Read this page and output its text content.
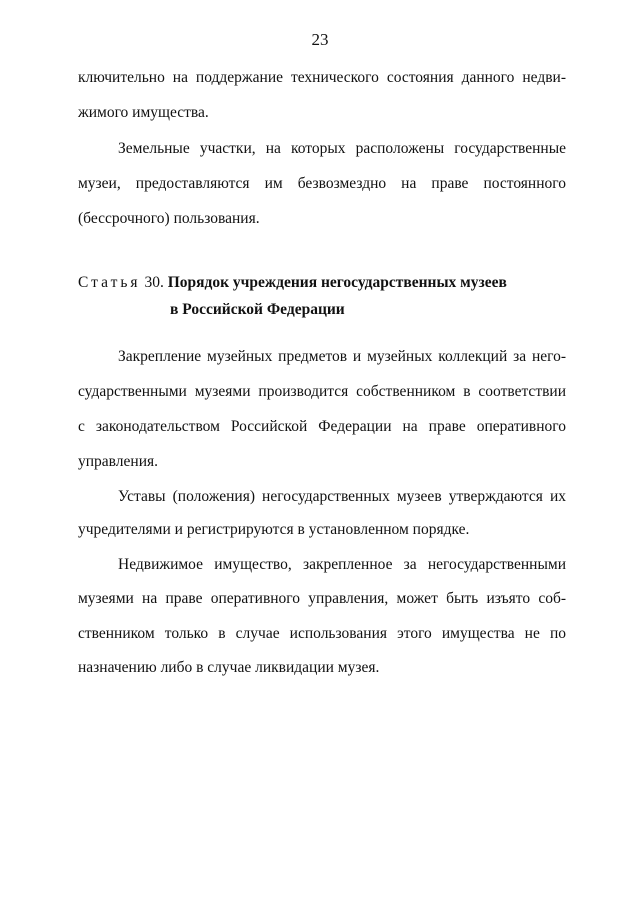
23
ключительно на поддержание технического состояния данного недви-
жимого имущества.
Земельные участки, на которых расположены государственные
музеи, предоставляются им безвозмездно на праве постоянного
(бессрочного) пользования.
Статья 30. Порядок учреждения негосударственных музеев
в Российской Федерации
Закрепление музейных предметов и музейных коллекций за него-
сударственными музеями производится собственником в соответствии
с законодательством Российской Федерации на праве оперативного
управления.
Уставы (положения) негосударственных музеев утверждаются их
учредителями и регистрируются в установленном порядке.
Недвижимое имущество, закрепленное за негосударственными
музеями на праве оперативного управления, может быть изъято соб-
ственником только в случае использования этого имущества не по
назначению либо в случае ликвидации музея.
